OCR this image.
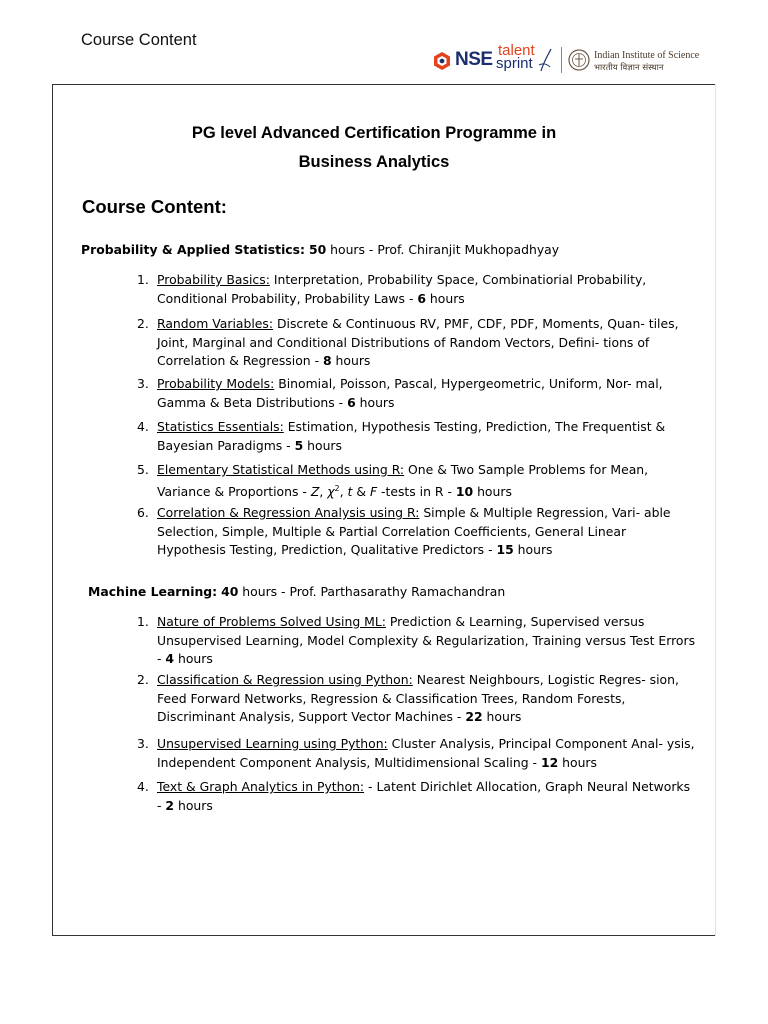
Course Content
NSE talent
sprint	Indian Institute of Science
भारतीय विज्ञान संस्थान
PG level Advanced Certification Programme in
Business Analytics
Course Content:
Probability & Applied Statistics: 50 hours - Prof. Chiranjit Mukhopadhyay
1. Probability Basics: Interpretation, Probability Space, Combinatiorial Probability, Conditional Probability, Probability Laws - 6 hours
2. Random Variables: Discrete & Continuous RV, PMF, CDF, PDF, Moments, Quan- tiles, Joint, Marginal and Conditional Distributions of Random Vectors, Defini- tions of Correlation & Regression - 8 hours
3. Probability Models: Binomial, Poisson, Pascal, Hypergeometric, Uniform, Nor- mal, Gamma & Beta Distributions - 6 hours
4. Statistics Essentials: Estimation, Hypothesis Testing, Prediction, The Frequentist & Bayesian Paradigms - 5 hours
5. Elementary Statistical Methods using R: One & Two Sample Problems for Mean, Variance & Proportions - Z, $\chi^2$, t & F -tests in R - 10 hours
6. Correlation & Regression Analysis using R: Simple & Multiple Regression, Vari- able Selection, Simple, Multiple & Partial Correlation Coefficients, General Linear Hypothesis Testing, Prediction, Qualitative Predictors - 15 hours
Machine Learning: 40 hours - Prof. Parthasarathy Ramachandran
1. Nature of Problems Solved Using ML: Prediction & Learning, Supervised versus Unsupervised Learning, Model Complexity & Regularization, Training versus Test Errors - 4 hours
2. Classification & Regression using Python: Nearest Neighbours, Logistic Regres- sion, Feed Forward Networks, Regression & Classification Trees, Random Forests, Discriminant Analysis, Support Vector Machines - 22 hours
3. Unsupervised Learning using Python: Cluster Analysis, Principal Component Anal- ysis, Independent Component Analysis, Multidimensional Scaling - 12 hours
4. Text & Graph Analytics in Python: - Latent Dirichlet Allocation, Graph Neural Networks - 2 hours
